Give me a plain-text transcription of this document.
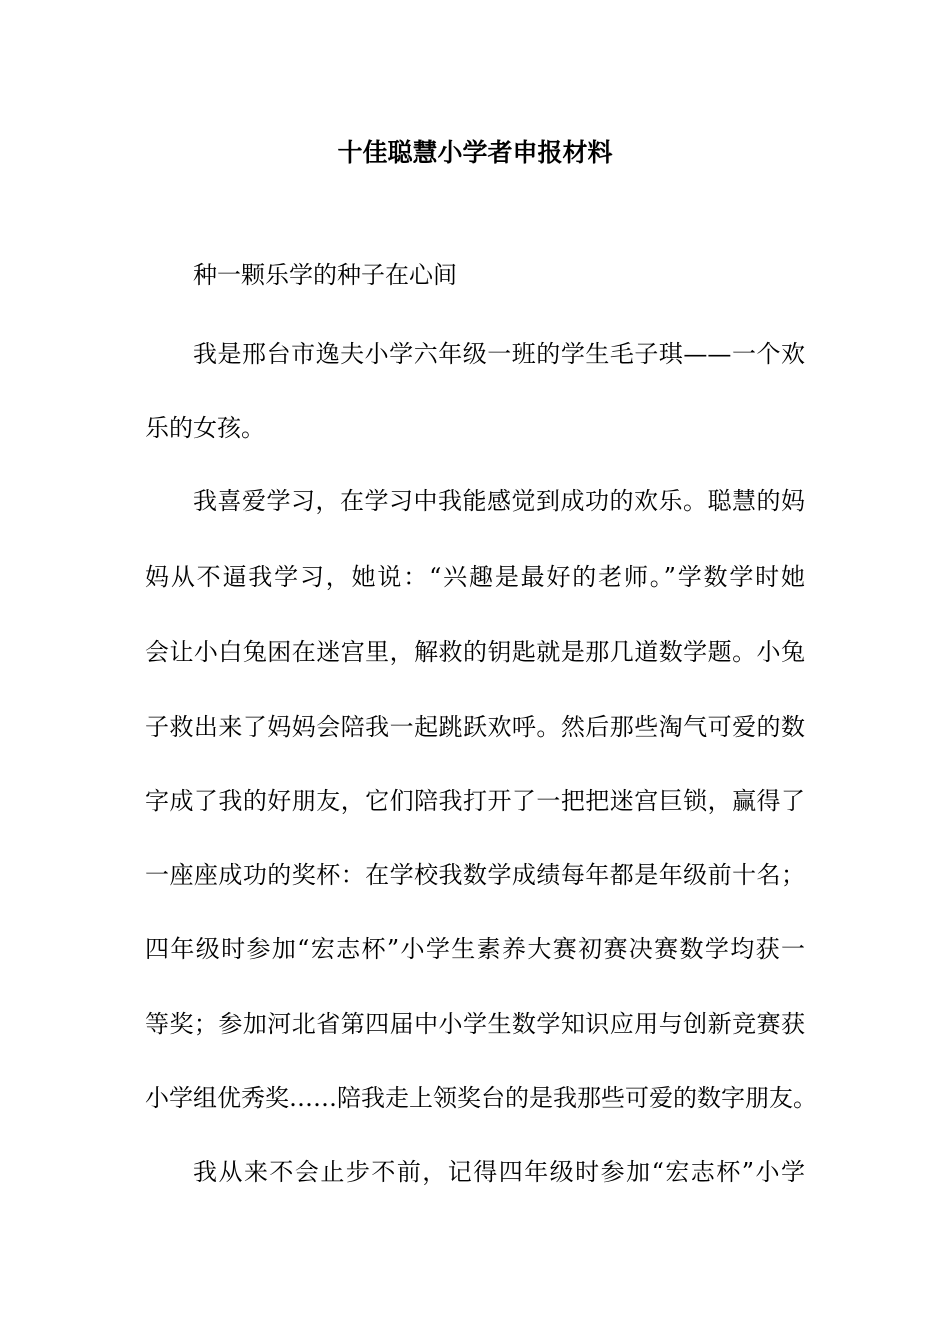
十佳聪慧小学者申报材料
种一颗乐学的种子在心间
我是邢台市逸夫小学六年级一班的学生毛子琪——一个欢
乐的女孩。
我喜爱学习，在学习中我能感觉到成功的欢乐。聪慧的妈
妈从不逼我学习，她说：“兴趣是最好的老师。”学数学时她
会让小白兔困在迷宫里，解救的钥匙就是那几道数学题。小兔
子救出来了妈妈会陪我一起跳跃欢呼。然后那些淘气可爱的数
字成了我的好朋友，它们陪我打开了一把把迷宫巨锁，赢得了
一座座成功的奖杯：在学校我数学成绩每年都是年级前十名；
四年级时参加“宏志杯”小学生素养大赛初赛决赛数学均获一
等奖；参加河北省第四届中小学生数学知识应用与创新竞赛获
小学组优秀奖……陪我走上领奖台的是我那些可爱的数字朋友。
我从来不会止步不前，记得四年级时参加“宏志杯”小学
